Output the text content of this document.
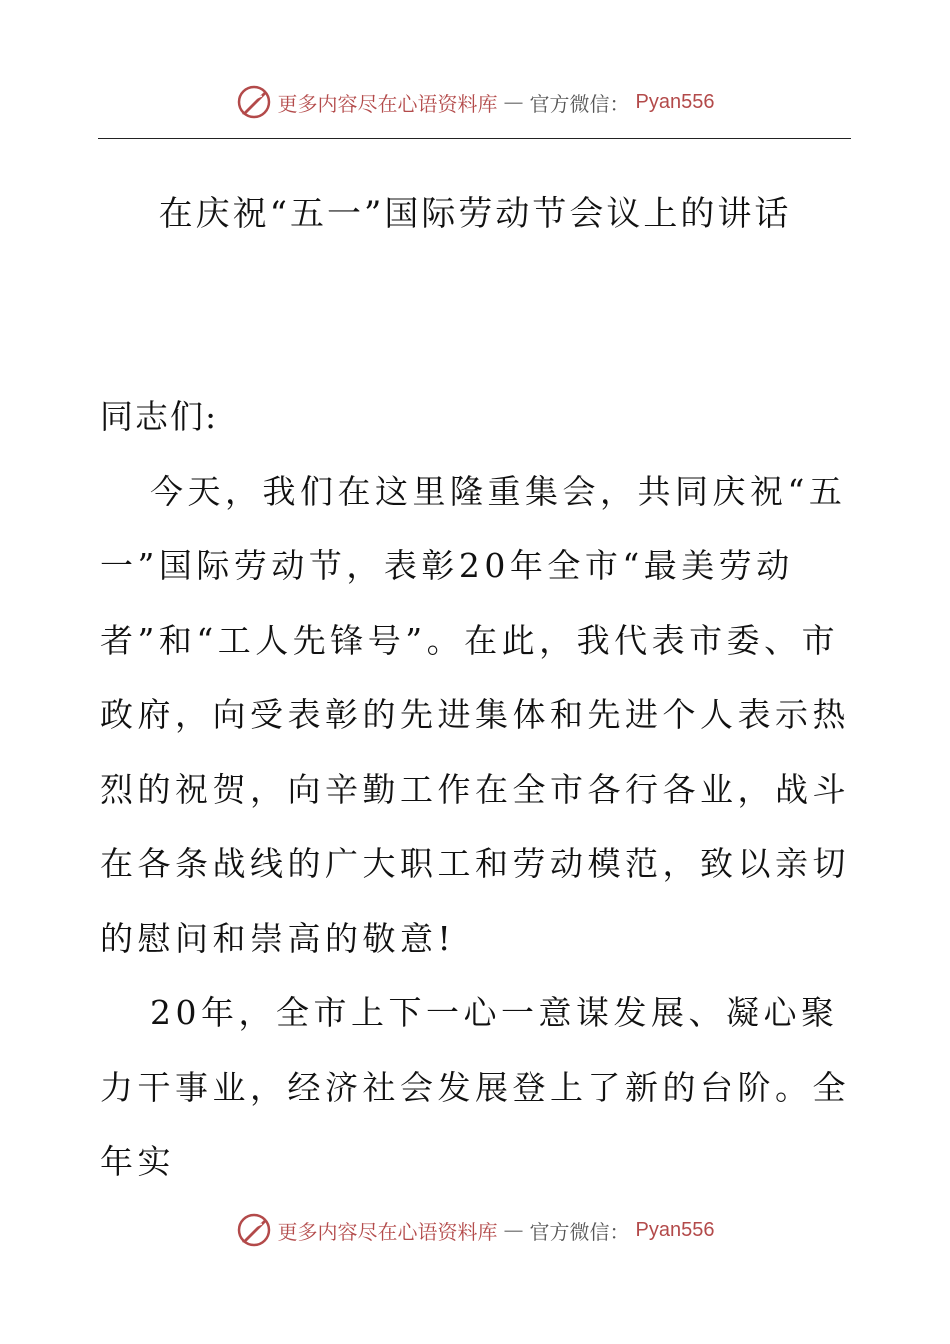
更多内容尽在心语资料库 — 官方微信： Pyan556
在庆祝“五一”国际劳动节会议上的讲话

同志们:

今天，我们在这里隆重集会，共同庆祝“五一”国际劳动节，表彰20年全市“最美劳动者”和“工人先锋号”。在此，我代表市委、市政府，向受表彰的先进集体和先进个人表示热烈的祝贺，向辛勤工作在全市各行各业，战斗在各条战线的广大职工和劳动模范，致以亲切的慰问和崇高的敬意!

20年，全市上下一心一意谋发展、凝心聚力干事业，经济社会发展登上了新的台阶。全年实

更多内容尽在心语资料库 — 官方微信： Pyan556
